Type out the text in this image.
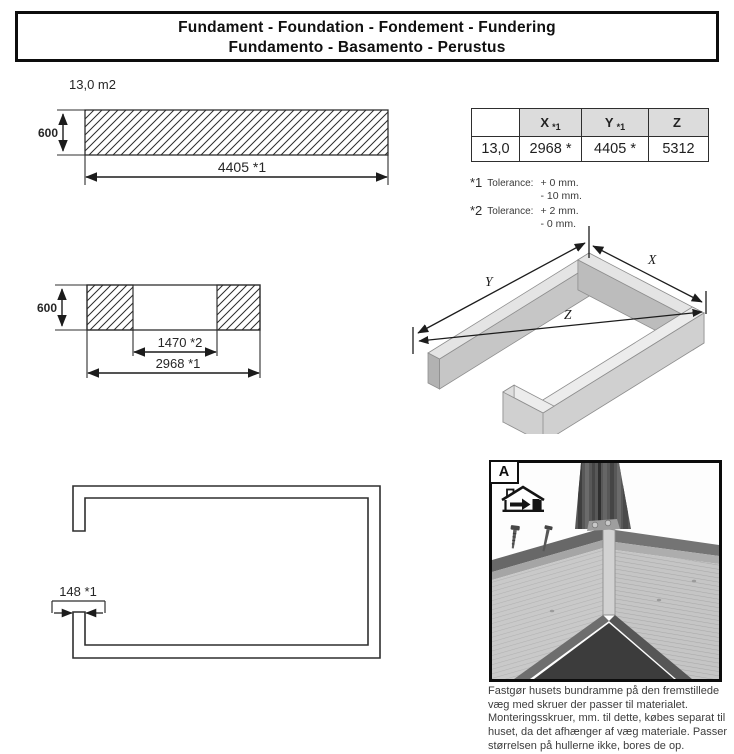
Fundament - Foundation - Fondement - Fundering
Fundamento - Basamento - Perustus
13,0 m2
600
4405 *1
	X *1	Y *1	Z
13,0	2968 *	4405 *	5312
*1 Tolerance: + 0 mm.
- 10 mm.
*2 Tolerance: + 2 mm.
- 0 mm.
600
1470 *2
2968 *1
X
Y
Z
148 *1
A
Fastgør husets bundramme på den fremstillede
væg med skruer der passer til materialet.
Monteringsskruer, mm. til dette, købes separat til
huset, da det afhænger af væg materiale. Passer
størrelsen på hullerne ikke, bores de op.
